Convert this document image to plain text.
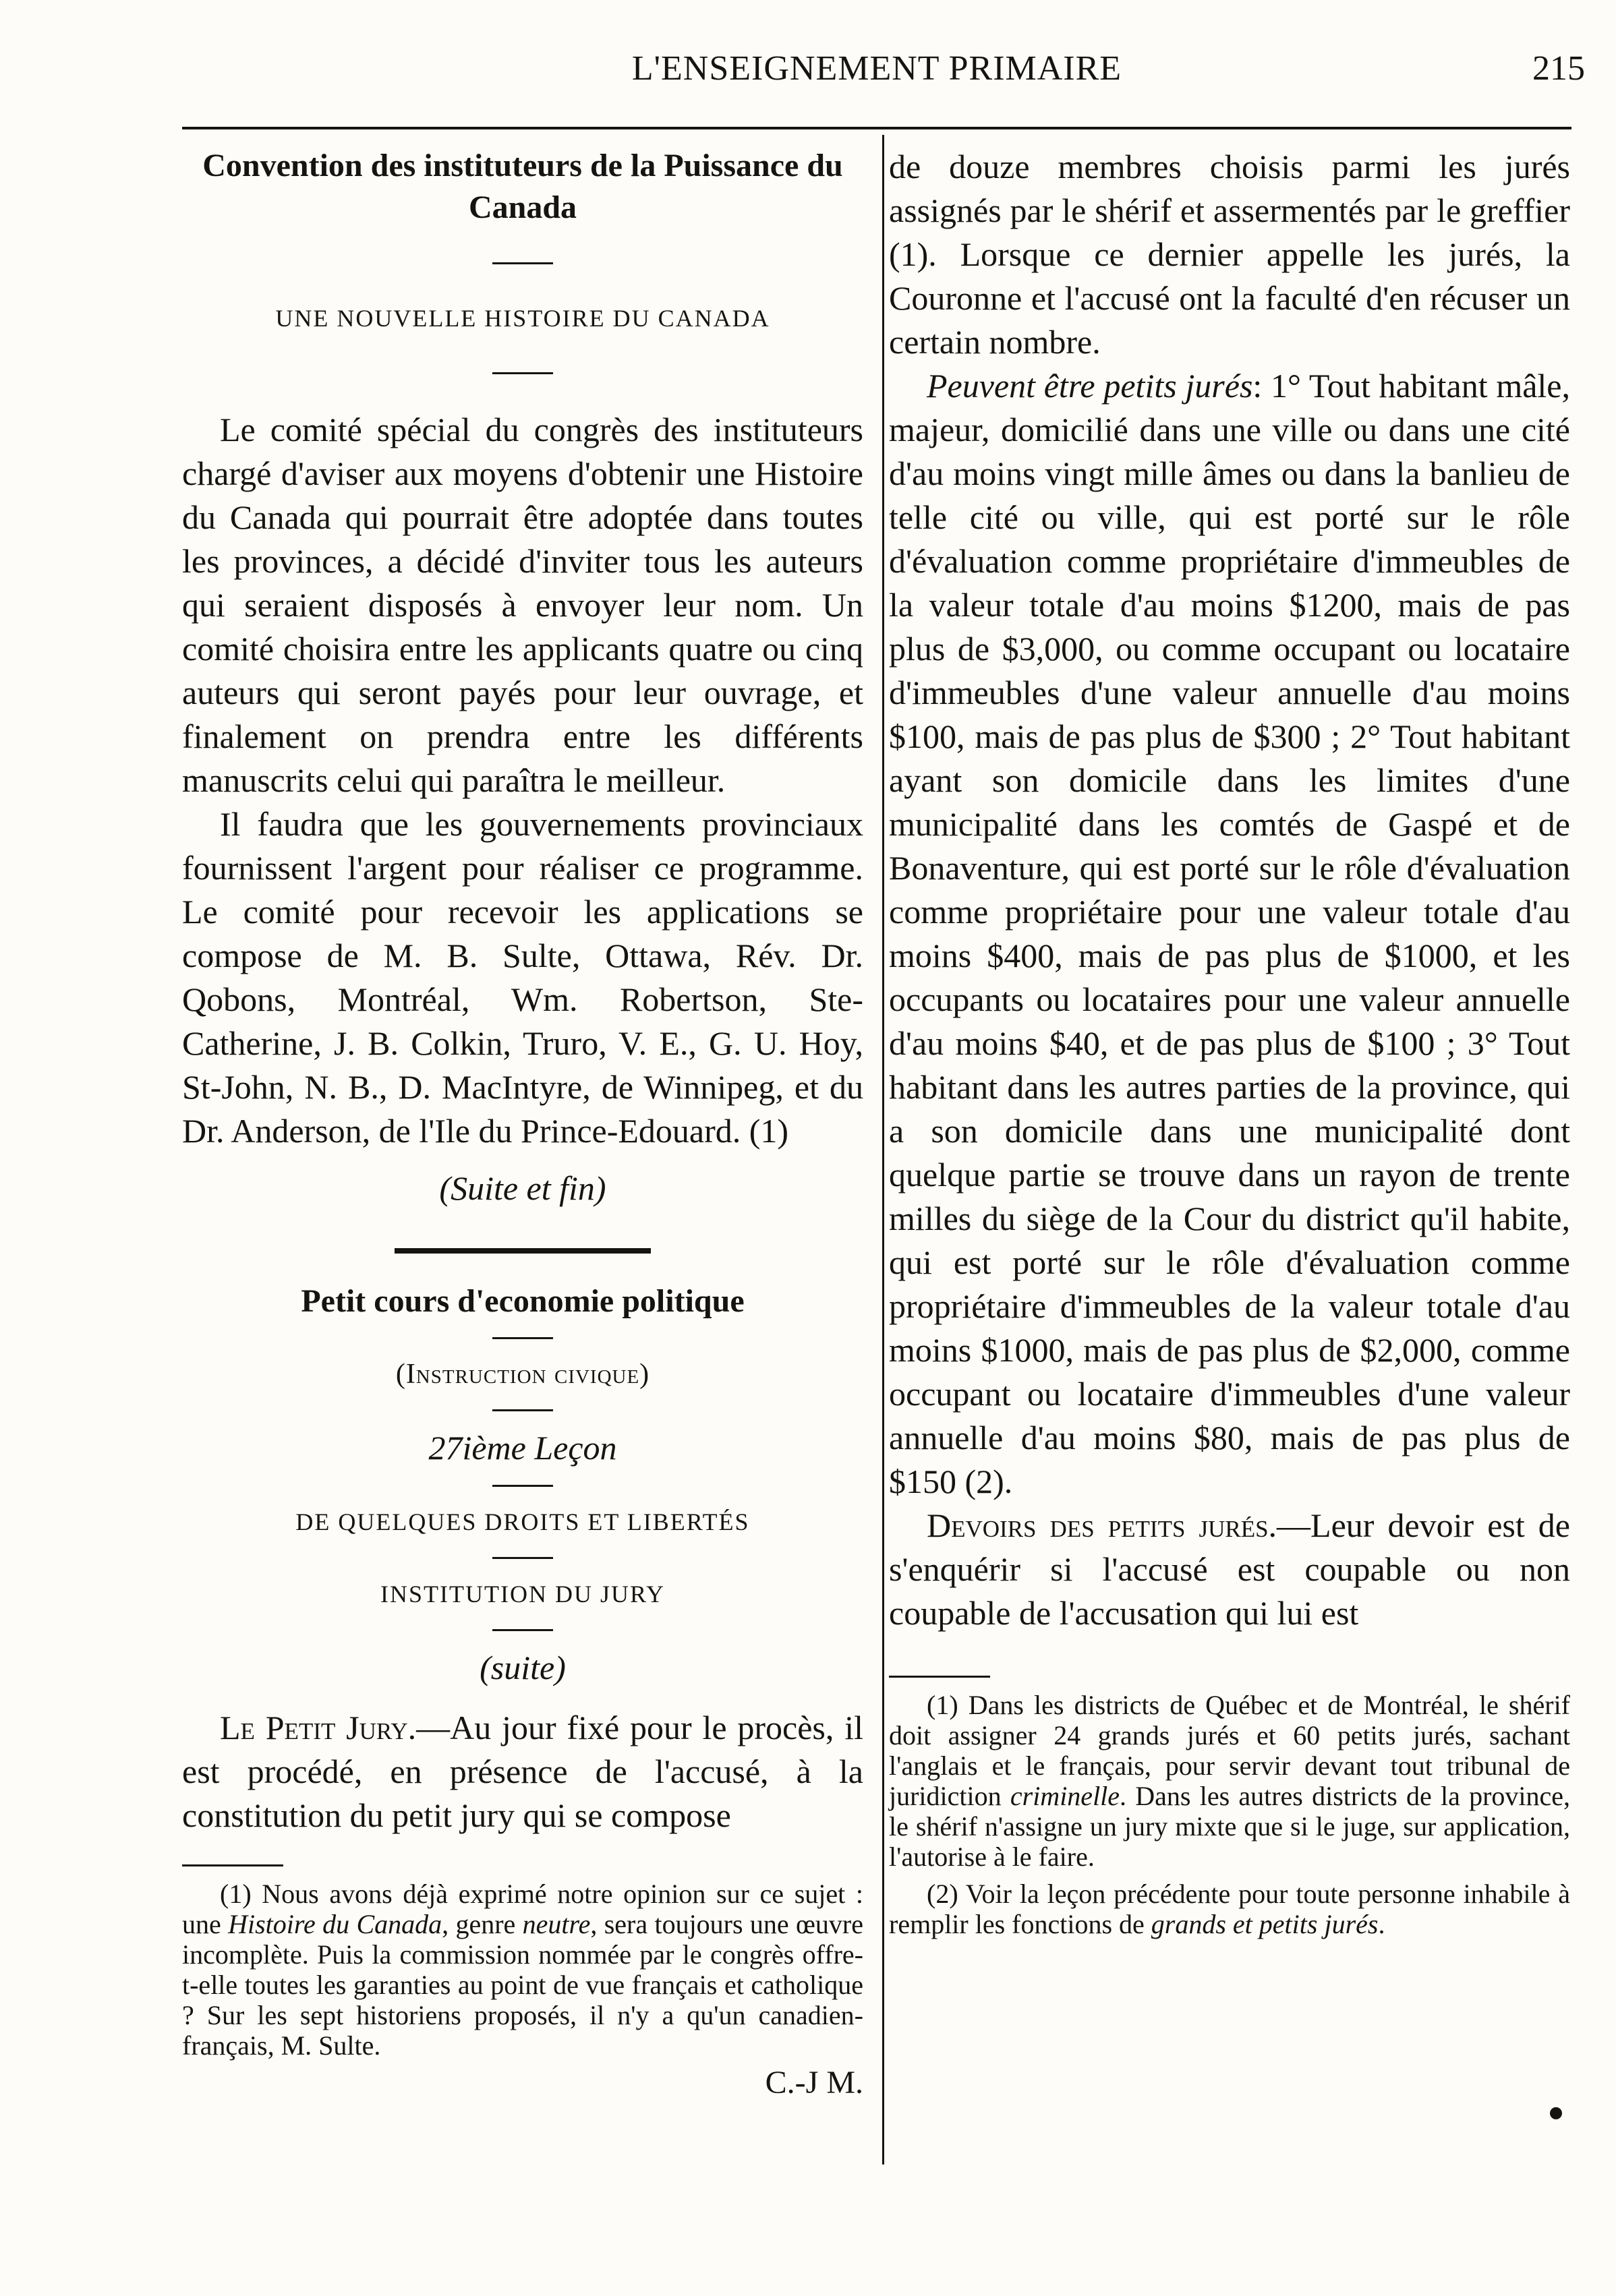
L'ENSEIGNEMENT PRIMAIRE	215

Convention des instituteurs de la Puissance du Canada

UNE NOUVELLE HISTOIRE DU CANADA

Le comité spécial du congrès des instituteurs chargé d'aviser aux moyens d'obtenir une Histoire du Canada qui pourrait être adoptée dans toutes les provinces, a décidé d'inviter tous les auteurs qui seraient disposés à envoyer leur nom. Un comité choisira entre les applicants quatre ou cinq auteurs qui seront payés pour leur ouvrage, et finalement on prendra entre les différents manuscrits celui qui paraîtra le meilleur.

Il faudra que les gouvernements provinciaux fournissent l'argent pour réaliser ce programme. Le comité pour recevoir les applications se compose de M. B. Sulte, Ottawa, Rév. Dr. Qobons, Montréal, Wm. Robertson, Ste-Catherine, J. B. Colkin, Truro, V. E., G. U. Hoy, St-John, N. B., D. MacIntyre, de Winnipeg, et du Dr. Anderson, de l'Ile du Prince-Edouard. (1)

(Suite et fin)

Petit cours d'economie politique

(Instruction civique)

27ième Leçon

DE QUELQUES DROITS ET LIBERTÉS

INSTITUTION DU JURY

(suite)

Le Petit Jury.—Au jour fixé pour le procès, il est procédé, en présence de l'accusé, à la constitution du petit jury qui se compose

(1) Nous avons déjà exprimé notre opinion sur ce sujet : une Histoire du Canada, genre neutre, sera toujours une œuvre incomplète. Puis la commission nommée par le congrès offre-t-elle toutes les garanties au point de vue français et catholique ? Sur les sept historiens proposés, il n'y a qu'un canadien-français, M. Sulte.

C.-J M.

de douze membres choisis parmi les jurés assignés par le shérif et assermentés par le greffier (1). Lorsque ce dernier appelle les jurés, la Couronne et l'accusé ont la faculté d'en récuser un certain nombre.

Peuvent être petits jurés: 1° Tout habitant mâle, majeur, domicilié dans une ville ou dans une cité d'au moins vingt mille âmes ou dans la banlieu de telle cité ou ville, qui est porté sur le rôle d'évaluation comme propriétaire d'immeubles de la valeur totale d'au moins $1200, mais de pas plus de $3,000, ou comme occupant ou locataire d'immeubles d'une valeur annuelle d'au moins $100, mais de pas plus de $300 ; 2° Tout habitant ayant son domicile dans les limites d'une municipalité dans les comtés de Gaspé et de Bonaventure, qui est porté sur le rôle d'évaluation comme propriétaire pour une valeur totale d'au moins $400, mais de pas plus de $1000, et les occupants ou locataires pour une valeur annuelle d'au moins $40, et de pas plus de $100 ; 3° Tout habitant dans les autres parties de la province, qui a son domicile dans une municipalité dont quelque partie se trouve dans un rayon de trente milles du siège de la Cour du district qu'il habite, qui est porté sur le rôle d'évaluation comme propriétaire d'immeubles de la valeur totale d'au moins $1000, mais de pas plus de $2,000, comme occupant ou locataire d'immeubles d'une valeur annuelle d'au moins $80, mais de pas plus de $150 (2).

Devoirs des petits jurés.—Leur devoir est de s'enquérir si l'accusé est coupable ou non coupable de l'accusation qui lui est

(1) Dans les districts de Québec et de Montréal, le shérif doit assigner 24 grands jurés et 60 petits jurés, sachant l'anglais et le français, pour servir devant tout tribunal de juridiction criminelle. Dans les autres districts de la province, le shérif n'assigne un jury mixte que si le juge, sur application, l'autorise à le faire.

(2) Voir la leçon précédente pour toute personne inhabile à remplir les fonctions de grands et petits jurés.
